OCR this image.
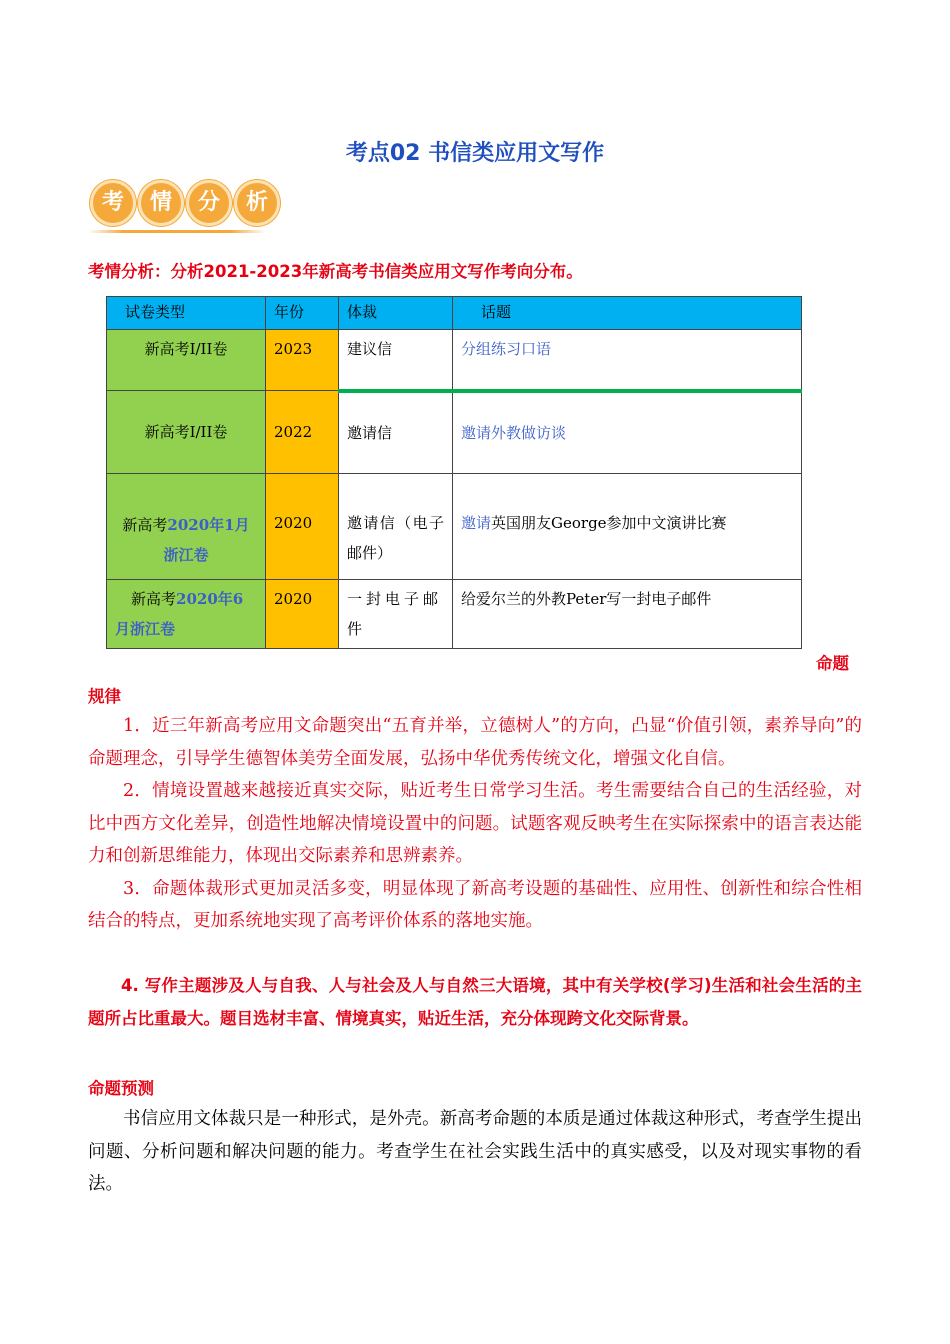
考点02 书信类应用文写作
考	情	分	析
考情分析：分析2021-2023年新高考书信类应用文写作考向分布。
试卷类型	年份	体裁	话题
新高考I/II卷	2023	建议信	分组练习口语
新高考I/II卷	2022	邀请信	邀请外教做访谈
新高考2020年1月浙江卷	2020	邀请信（电子邮件）	邀请英国朋友George参加中文演讲比赛
新高考2020年6月浙江卷	2020	一封电子邮件	给爱尔兰的外教Peter写一封电子邮件
命题
规律

1．近三年新高考应用文命题突出“五育并举，立德树人”的方向，凸显“价值引领，素养导向”的命题理念，引导学生德智体美劳全面发展，弘扬中华优秀传统文化，增强文化自信。

2．情境设置越来越接近真实交际，贴近考生日常学习生活。考生需要结合自己的生活经验，对比中西方文化差异，创造性地解决情境设置中的问题。试题客观反映考生在实际探索中的语言表达能力和创新思维能力，体现出交际素养和思辨素养。

3．命题体裁形式更加灵活多变，明显体现了新高考设题的基础性、应用性、创新性和综合性相结合的特点，更加系统地实现了高考评价体系的落地实施。

4. 写作主题涉及人与自我、人与社会及人与自然三大语境，其中有关学校(学习)生活和社会生活的主题所占比重最大。题目选材丰富、情境真实，贴近生活，充分体现跨文化交际背景。

命题预测

书信应用文体裁只是一种形式，是外壳。新高考命题的本质是通过体裁这种形式，考查学生提出问题、分析问题和解决问题的能力。考查学生在社会实践生活中的真实感受，以及对现实事物的看法。
